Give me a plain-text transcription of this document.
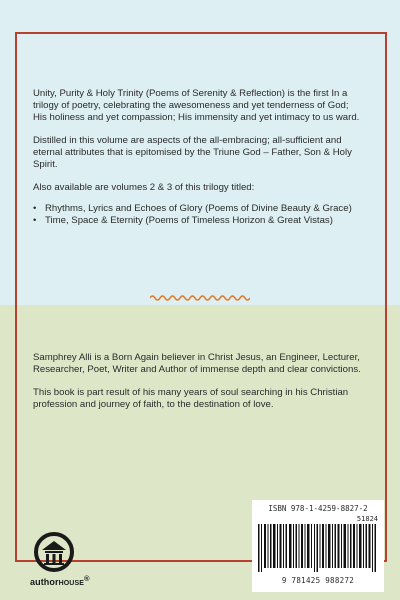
Unity, Purity & Holy Trinity (Poems of Serenity & Reflection) is the first In a trilogy of poetry, celebrating the awesomeness and yet tenderness of God; His holiness and yet compassion; His immensity and yet intimacy to us ward.

Distilled in this volume are aspects of the all-embracing; all-sufficient and eternal attributes that is epitomised by the Triune God – Father, Son & Holy Spirit.

Also available are volumes 2 & 3 of this trilogy titled:

• Rhythms, Lyrics and Echoes of Glory (Poems of Divine Beauty & Grace)
• Time, Space & Eternity (Poems of Timeless Horizon & Great Vistas)

Samphrey Alli is a Born Again believer in Christ Jesus, an Engineer, Lecturer, Researcher, Poet, Writer and Author of immense depth and clear convictions.

This book is part result of his many years of soul searching in his Christian profession and journey of faith, to the destination of love.

authorHOUSE®
ISBN 978-1-4259-8827-2
51824
9 781425 988272
